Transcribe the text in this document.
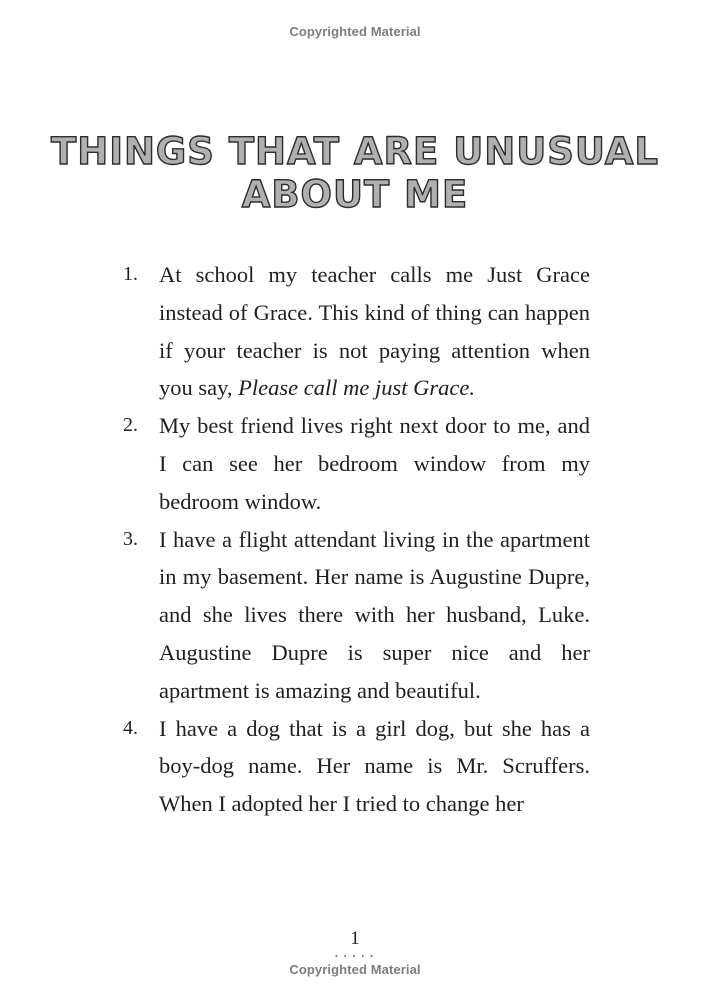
Copyrighted Material
THINGS THAT ARE UNUSUAL
ABOUT ME
1. At school my teacher calls me Just Grace instead of Grace. This kind of thing can happen if your teacher is not paying attention when you say, Please call me just Grace.
2. My best friend lives right next door to me, and I can see her bedroom window from my bedroom window.
3. I have a flight attendant living in the apartment in my basement. Her name is Augustine Dupre, and she lives there with her husband, Luke. Augustine Dupre is super nice and her apartment is amazing and beautiful.
4. I have a dog that is a girl dog, but she has a boy-dog name. Her name is Mr. Scruffers. When I adopted her I tried to change her
1
• • • • •
Copyrighted Material
